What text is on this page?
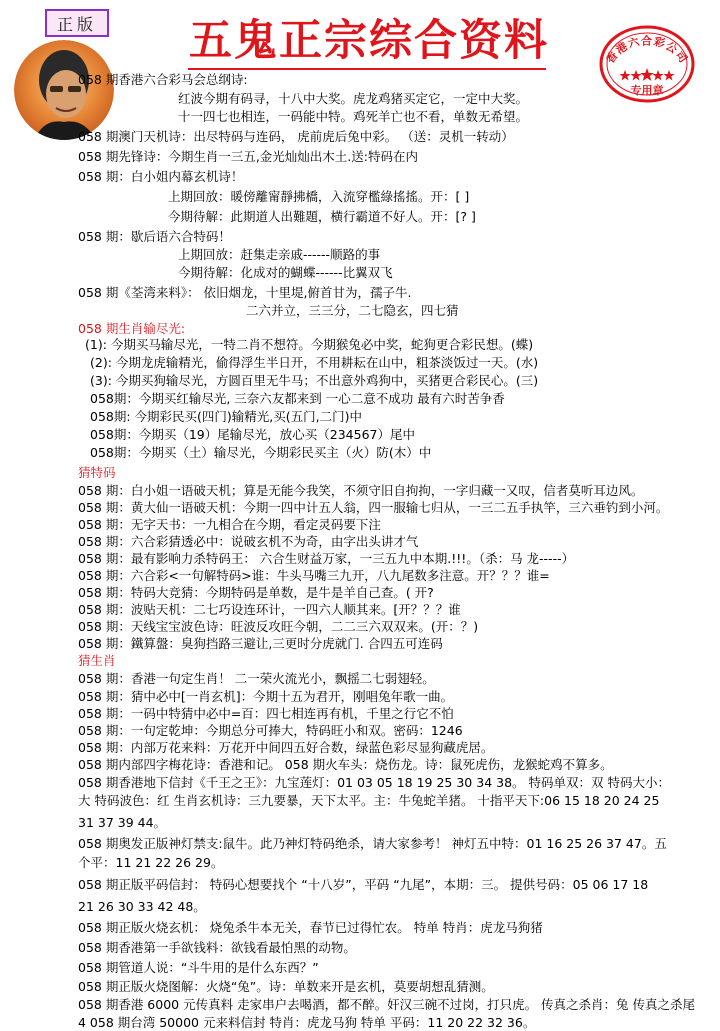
正版 五鬼正宗综合资料	香港六合彩公司
专用章
058 期香港六合彩马会总纲诗:
红波今期有码寻，十八中大奖。虎龙鸡猪买定它，一定中大奖。
十一四七也相连，一码能中特。鸡死羊亡也不看，单数无希望。
058 期澳门天机诗：出尽特码与连码， 虎前虎后兔中彩。 （送：灵机一转动）
058 期先锋诗：今期生肖一三五,金光灿灿出木土.送:特码在内
058 期：白小姐内幕玄机诗！
上期回放：暖傍離甯靜拂橋，入流穿檻綠搖搖。开：[ ]
今期待解：此期道人出難題，横行霸道不好人。开：[? ]
058 期：歇后语六合特码！
上期回放：赶集走亲戚------顺路的事
今期待解：化成对的蝴蝶------比翼双飞
058 期《荃湾来料》： 依旧烟龙，十里堤,俯首甘为，孺子牛.
二六并立，三三分，二七隐玄，四七猜
058 期生肖输尽光:
(1): 今期买马输尽光，一特二肖不想符。今期猴兔必中奖，蛇狗更合彩民想。(蝶)
(2): 今期龙虎输精光，偷得浮生半日开，不用耕耘在山中，粗茶淡饭过一天。(水)
(3): 今期买狗输尽光，方圆百里无牛马；不出意外鸡狗中，买猪更合彩民心。(三)
058期：今期买红输尽光, 三奈六友都来到 一心二意不成功 最有六时苦争香
058期: 今期彩民买(四门)输精光,买(五门,二门)中
058期：今期买（19）尾输尽光，放心买（234567）尾中
058期：今期买（土）输尽光，今期彩民买主（火）防(木）中
猜特码
058 期：白小姐一语破天机；算是无能今我笑，不须守旧自拘拘，一字归藏一又叹，信者莫听耳边风。
058 期：黄大仙一语破天机：今期一四中计五人翁，四一服输七归从，一三二五手执竿，三六垂钓到小河。
058 期：无字天书：一九相合在今期，看定灵码要下注
058 期：六合彩猜透必中：说破玄机不为奇，由字出头讲才气
058 期：最有影响力杀特码王： 六合生财益万家，一三五九中本期.!!!。（杀：马 龙-----）
058 期：六合彩<一句解特码>谁：牛头马嘴三九开，八九尾数多注意。开？？？谁=
058 期：特码大竞猜：今期特码是单数，是牛是羊自己查。( 开?
058 期：波贴天机：二七巧设连环计，一四六人顺其来。[开？？？谁
058 期：天线宝宝波色诗：旺波反攻旺今朝，二二三六双双来。(开：？)
058 期：鐵算盤：臭狗挡路三避让,三更时分虎就门. 合四五可连码
猜生肖
058 期：香港一句定生肖！ 二一荣火流光小，飘摇二七弱翅轻。
058 期：猜中必中[一肖玄机]：今期十五为君开，刚唱兔年歌一曲。
058 期：一码中特猜中必中=百：四七相连再有机，千里之行它不怕
058 期：一句定乾坤：今期总分可捧大，特码旺小和双。密码：1246
058 期：内部万花来料：万花开中间四五好合数，绿蓝色彩尽显狗藏虎居。
058 期内部四字梅花诗：香港和记。 058 期火车头：烧伤龙。诗：鼠死虎伤，龙猴蛇鸡不算多。
058 期香港地下信封《千王之王》：九宝莲灯：01 03 05 18 19 25 30 34 38。 特码单双：双 特码大小：
大 特码波色：红 生肖玄机诗：三九要暴，天下太平。主：牛兔蛇羊猪。 十指平天下:06 15 18 20 24 25
31 37 39 44。
058 期奥发正版神灯禁支:鼠牛。此乃神灯特码绝杀，请大家参考！ 神灯五中特：01 16 25 26 37 47。五
个平：11 21 22 26 29。
058 期正版平码信封： 特码心想要找个 “十八岁”，平码 “九尾”，本期：三。 提供号码：05 06 17 18
21 26 30 33 42 48。
058 期正版火烧玄机： 烧兔杀牛本无关，春节已过得忙农。 特单 特肖：虎龙马狗猪
058 期香港第一手欲钱料：欲钱看最怕黑的动物。
058 期管道人说：“斗牛用的是什么东西？”
058 期正版火烧图解：火烧“兔”。诗：单数来开是玄机，莫要胡想乱猜测。
058 期香港 6000 元传真料 走家串户去喝酒，都不醉。奸汉三碗不过岗，打只虎。 传真之杀肖：兔 传真之杀尾
4 058 期台湾 50000 元来料信封 特肖：虎龙马狗 特单 平码：11 20 22 32 36。
